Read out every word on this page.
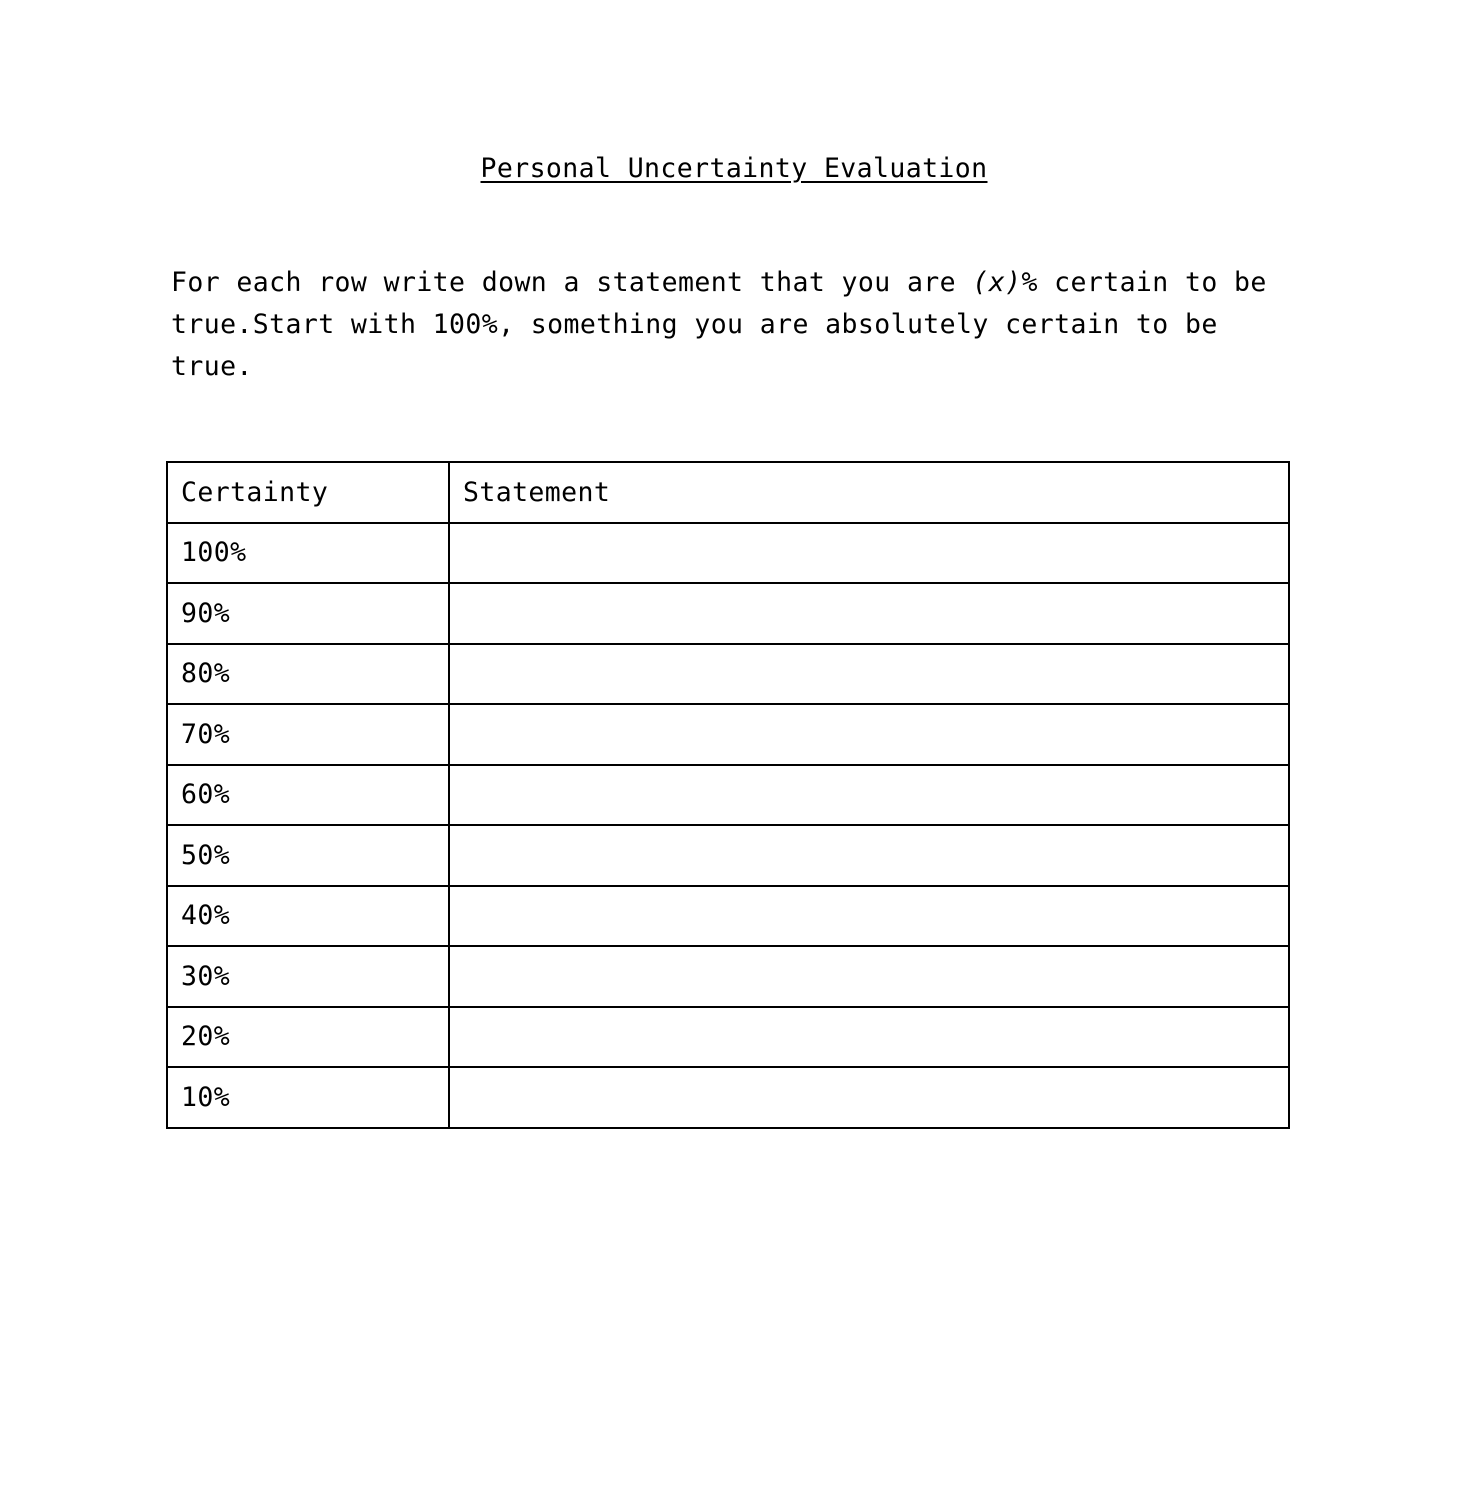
Personal Uncertainty Evaluation

For each row write down a statement that you are (x)% certain to be true.Start with 100%, something you are absolutely certain to be true.

Certainty	Statement
100%	
90%	
80%	
70%	
60%	
50%	
40%	
30%	
20%	
10%	
